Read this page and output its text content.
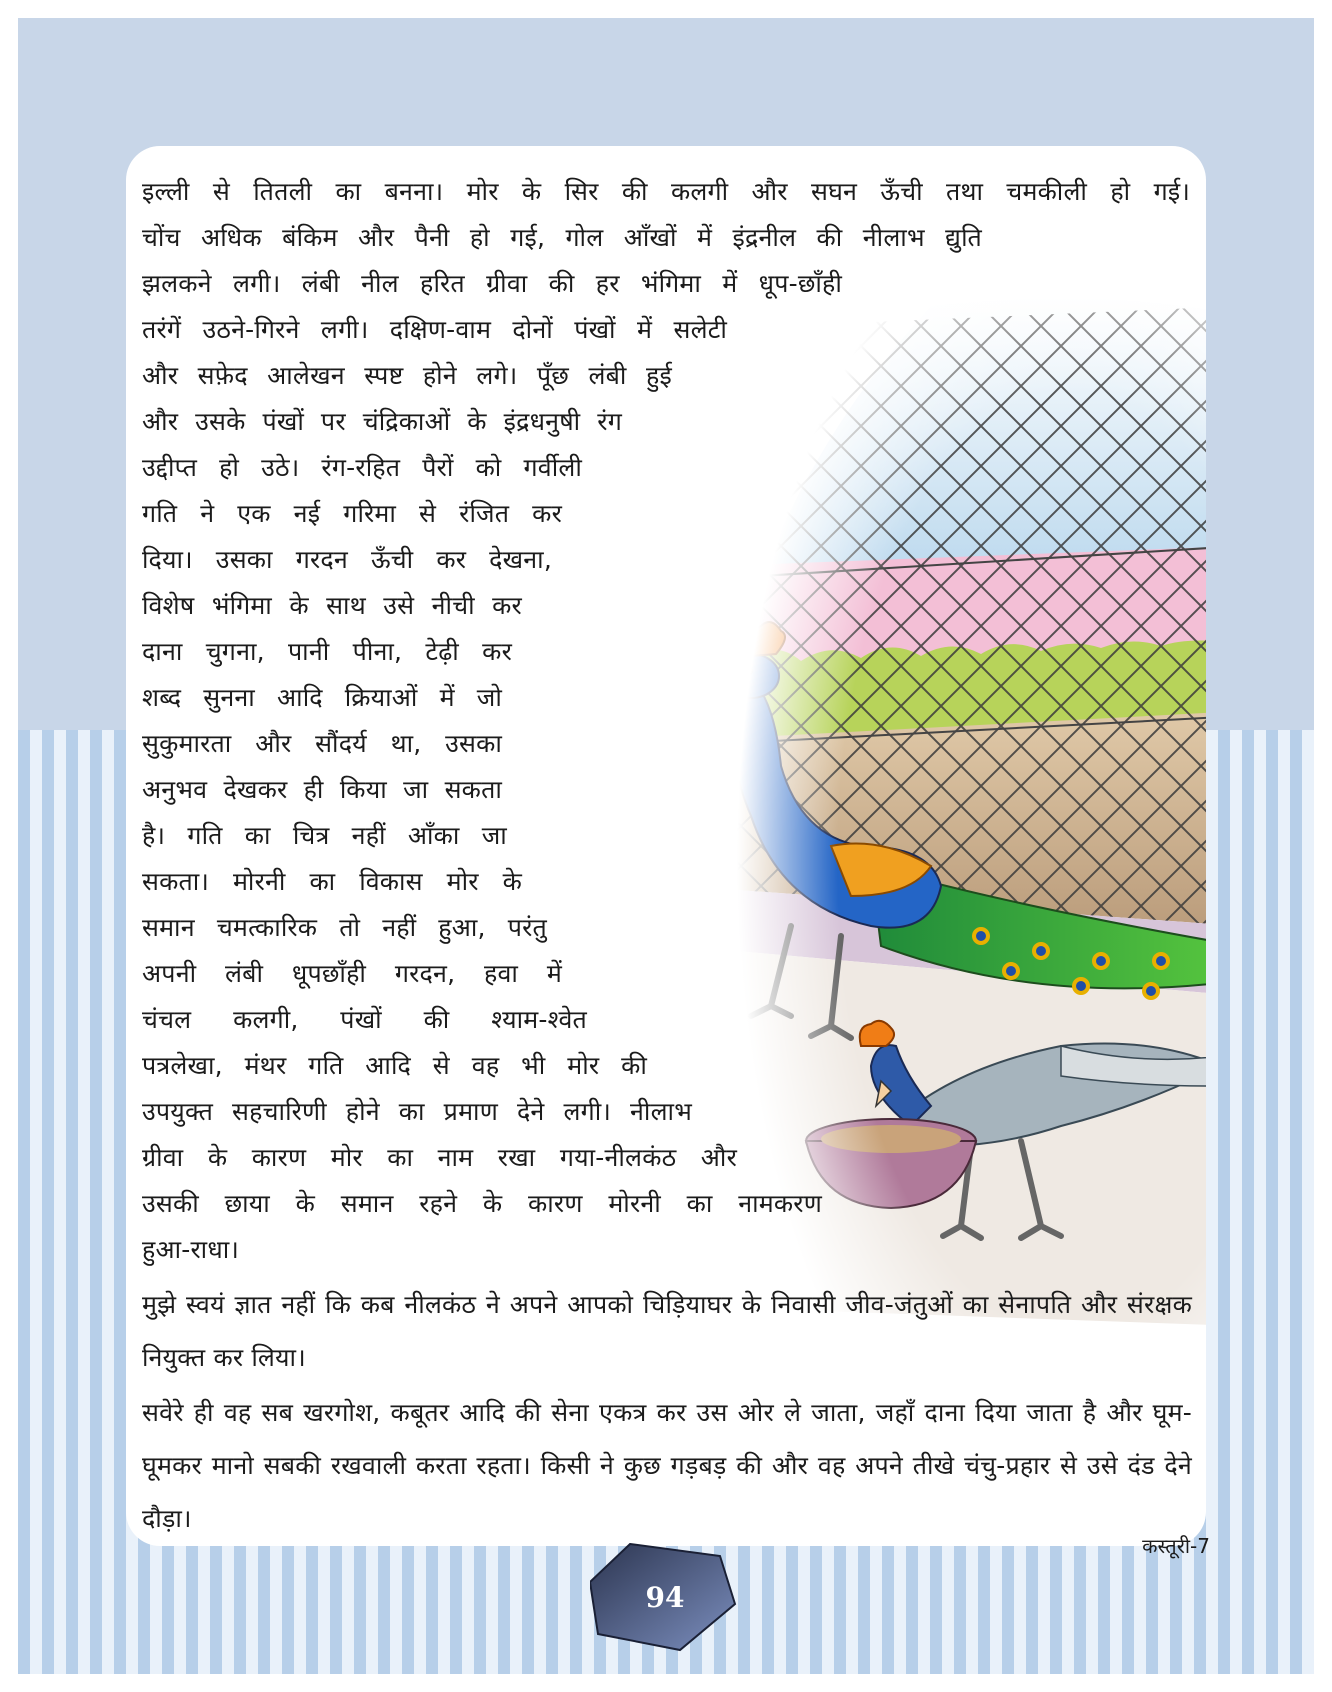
इल्ली से तितली का बनना। मोर के सिर की कलगी और सघन ऊँची तथा चमकीली हो गई।
चोंच अधिक बंकिम और पैनी हो गई, गोल आँखों में इंद्रनील की नीलाभ द्युति
झलकने लगी। लंबी नील हरित ग्रीवा की हर भंगिमा में धूप-छाँही
तरंगें उठने-गिरने लगी। दक्षिण-वाम दोनों पंखों में सलेटी
और सफ़ेद आलेखन स्पष्ट होने लगे। पूँछ लंबी हुई
और उसके पंखों पर चंद्रिकाओं के इंद्रधनुषी रंग
उद्दीप्त हो उठे। रंग-रहित पैरों को गर्वीली
गति ने एक नई गरिमा से रंजित कर
दिया। उसका गरदन ऊँची कर देखना,
विशेष भंगिमा के साथ उसे नीची कर
दाना चुगना, पानी पीना, टेढ़ी कर
शब्द सुनना आदि क्रियाओं में जो
सुकुमारता और सौंदर्य था, उसका
अनुभव देखकर ही किया जा सकता
है। गति का चित्र नहीं आँका जा
सकता। मोरनी का विकास मोर के
समान चमत्कारिक तो नहीं हुआ, परंतु
अपनी लंबी धूपछाँही गरदन, हवा में
चंचल कलगी, पंखों की श्याम-श्वेत
पत्रलेखा, मंथर गति आदि से वह भी मोर की
उपयुक्त सहचारिणी होने का प्रमाण देने लगी। नीलाभ
ग्रीवा के कारण मोर का नाम रखा गया-नीलकंठ और
उसकी छाया के समान रहने के कारण मोरनी का नामकरण
हुआ-राधा।
मुझे स्वयं ज्ञात नहीं कि कब नीलकंठ ने अपने आपको चिड़ियाघर के निवासी जीव-जंतुओं का सेनापति और संरक्षक नियुक्त कर लिया।
सवेरे ही वह सब खरगोश, कबूतर आदि की सेना एकत्र कर उस ओर ले जाता, जहाँ दाना दिया जाता है और घूम-घूमकर मानो सबकी रखवाली करता रहता। किसी ने कुछ गड़बड़ की और वह अपने तीखे चंचु-प्रहार से उसे दंड देने दौड़ा।
94
कस्तूरी-7
